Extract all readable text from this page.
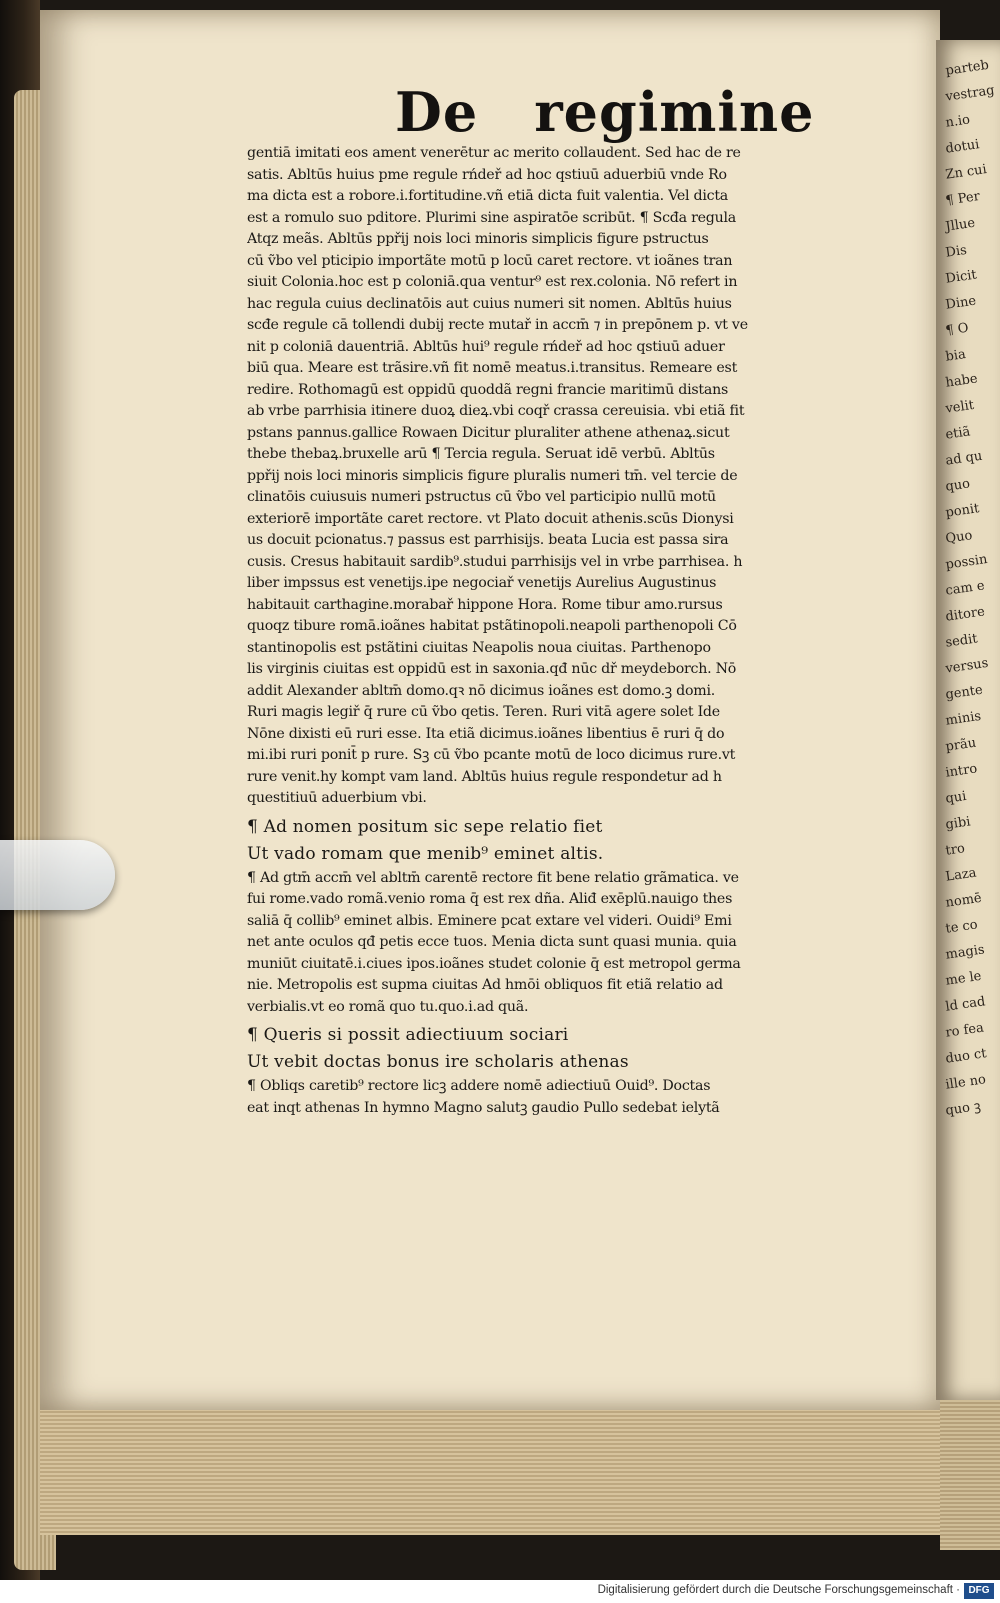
De regimine
gentiā imitati eos ament venerētur ac merito collaudent. Sed hac de re
satis. Abltūs huius pme regule rńdeř ad hoc qstiuū aduerbiū vnde Ro
ma dicta est a robore.i.fortitudine.vñ etiā dicta fuit valentia. Vel dicta
est a romulo suo pditore. Plurimi sine aspiratōe scribūt. ¶ Scđa regula
Atqz meãs. Abltūs ppřij nois loci minoris simplicis figure pstructus
cū ṽbo vel pticipio importãte motū p locū caret rectore. vt ioãnes tran
siuit Colonia.hoc est p coloniā.qua ventur⁹ est rex.colonia. Nō refert in
hac regula cuius declinatōis aut cuius numeri sit nomen. Abltūs huius
scđe regule cā tollendi dubij recte mutař in accm̄ ⁊ in prepōnem p. vt ve
nit p coloniā dauentriā. Abltūs hui⁹ regule rńdeř ad hoc qstiuū aduer
biū qua. Meare est trãsire.vñ fit nomē meatus.i.transitus. Remeare est
redire. Rothomagū est oppidū quoddã regni francie maritimū distans
ab vrbe parrhisia itinere duoꝝ dieꝝ.vbi coqř crassa cereuisia. vbi etiã fit
pstans pannus.gallice Rowaen Dicitur pluraliter athene athenaꝝ.sicut
thebe thebaꝝ.bruxelle arū ¶ Tercia regula. Seruat idē verbū. Abltūs
ppřij nois loci minoris simplicis figure pluralis numeri tm̄. vel tercie de
clinatōis cuiusuis numeri pstructus cū ṽbo vel participio nullū motū
exteriorē importãte caret rectore. vt Plato docuit athenis.scūs Dionysi
us docuit pcionatus.⁊ passus est parrhisijs. beata Lucia est passa sira
cusis. Cresus habitauit sardib⁹.studui parrhisijs vel in vrbe parrhisea. h
liber impssus est venetijs.ipe negociař venetijs Aurelius Augustinus
habitauit carthagine.morabař hippone Hora. Rome tibur amo.rursus
quoqz tibure romā.ioãnes habitat pstãtinopoli.neapoli parthenopoli Cō
stantinopolis est pstãtini ciuitas Neapolis noua ciuitas. Parthenopo
lis virginis ciuitas est oppidū est in saxonia.qđ nūc dř meydeborch. Nō
addit Alexander abltm̄ domo.qꝛ nō dicimus ioãnes est domo.ꝫ domi.
Ruri magis legiř q̄ rure cū ṽbo qetis. Teren. Ruri vitā agere solet Ide
Nōne dixisti eū ruri esse. Ita etiã dicimus.ioãnes libentius ē ruri q̄ do
mi.ibi ruri ponit̄ p rure. Sꝫ cū ṽbo pcante motū de loco dicimus rure.vt
rure venit.hy kompt vam land. Abltūs huius regule respondetur ad h
questitiuū aduerbium vbi.
¶ Ad nomen positum sic sepe relatio fiet
Ut vado romam que menib⁹ eminet altis.
¶ Ad gtm̄ accm̄ vel abltm̄ carentē rectore fit bene relatio grãmatica. ve
fui rome.vado romã.venio roma q̄ est rex dña. Aliđ exēplū.nauigo thes
saliā q̄ collib⁹ eminet albis. Eminere pcat extare vel videri. Ouidi⁹ Emi
net ante oculos qđ petis ecce tuos. Menia dicta sunt quasi munia. quia
muniūt ciuitatē.i.ciues ipos.ioãnes studet colonie q̄ est metropol germa
nie. Metropolis est supma ciuitas Ad hmōi obliquos fit etiã relatio ad
verbialis.vt eo romã quo tu.quo.i.ad quã.
¶ Queris si possit adiectiuum sociari
Ut vebit doctas bonus ire scholaris athenas
¶ Obliqs caretib⁹ rectore licꝫ addere nomē adiectiuū Ouid⁹. Doctas
eat inqt athenas In hymno Magno salutꝫ gaudio Pullo sedebat ielytã
parteb
vestrag
n.io
dotui
Zn cui
¶ Per
Jllue
Dis
Dicit
Dine
¶ O
bia
habe
velit
etiã
ad qu
quo
ponit
Quo
possin
cam e
ditore
sedit
versus
gente
minis
prãu
intro
qui
gibi
tro
Laza
nomē
te co
magis
me le
ld cad
ro fea
duo ct
ille no
quo ꝫ
Digitalisierung gefördert durch die Deutsche Forschungsgemeinschaft · DFG
